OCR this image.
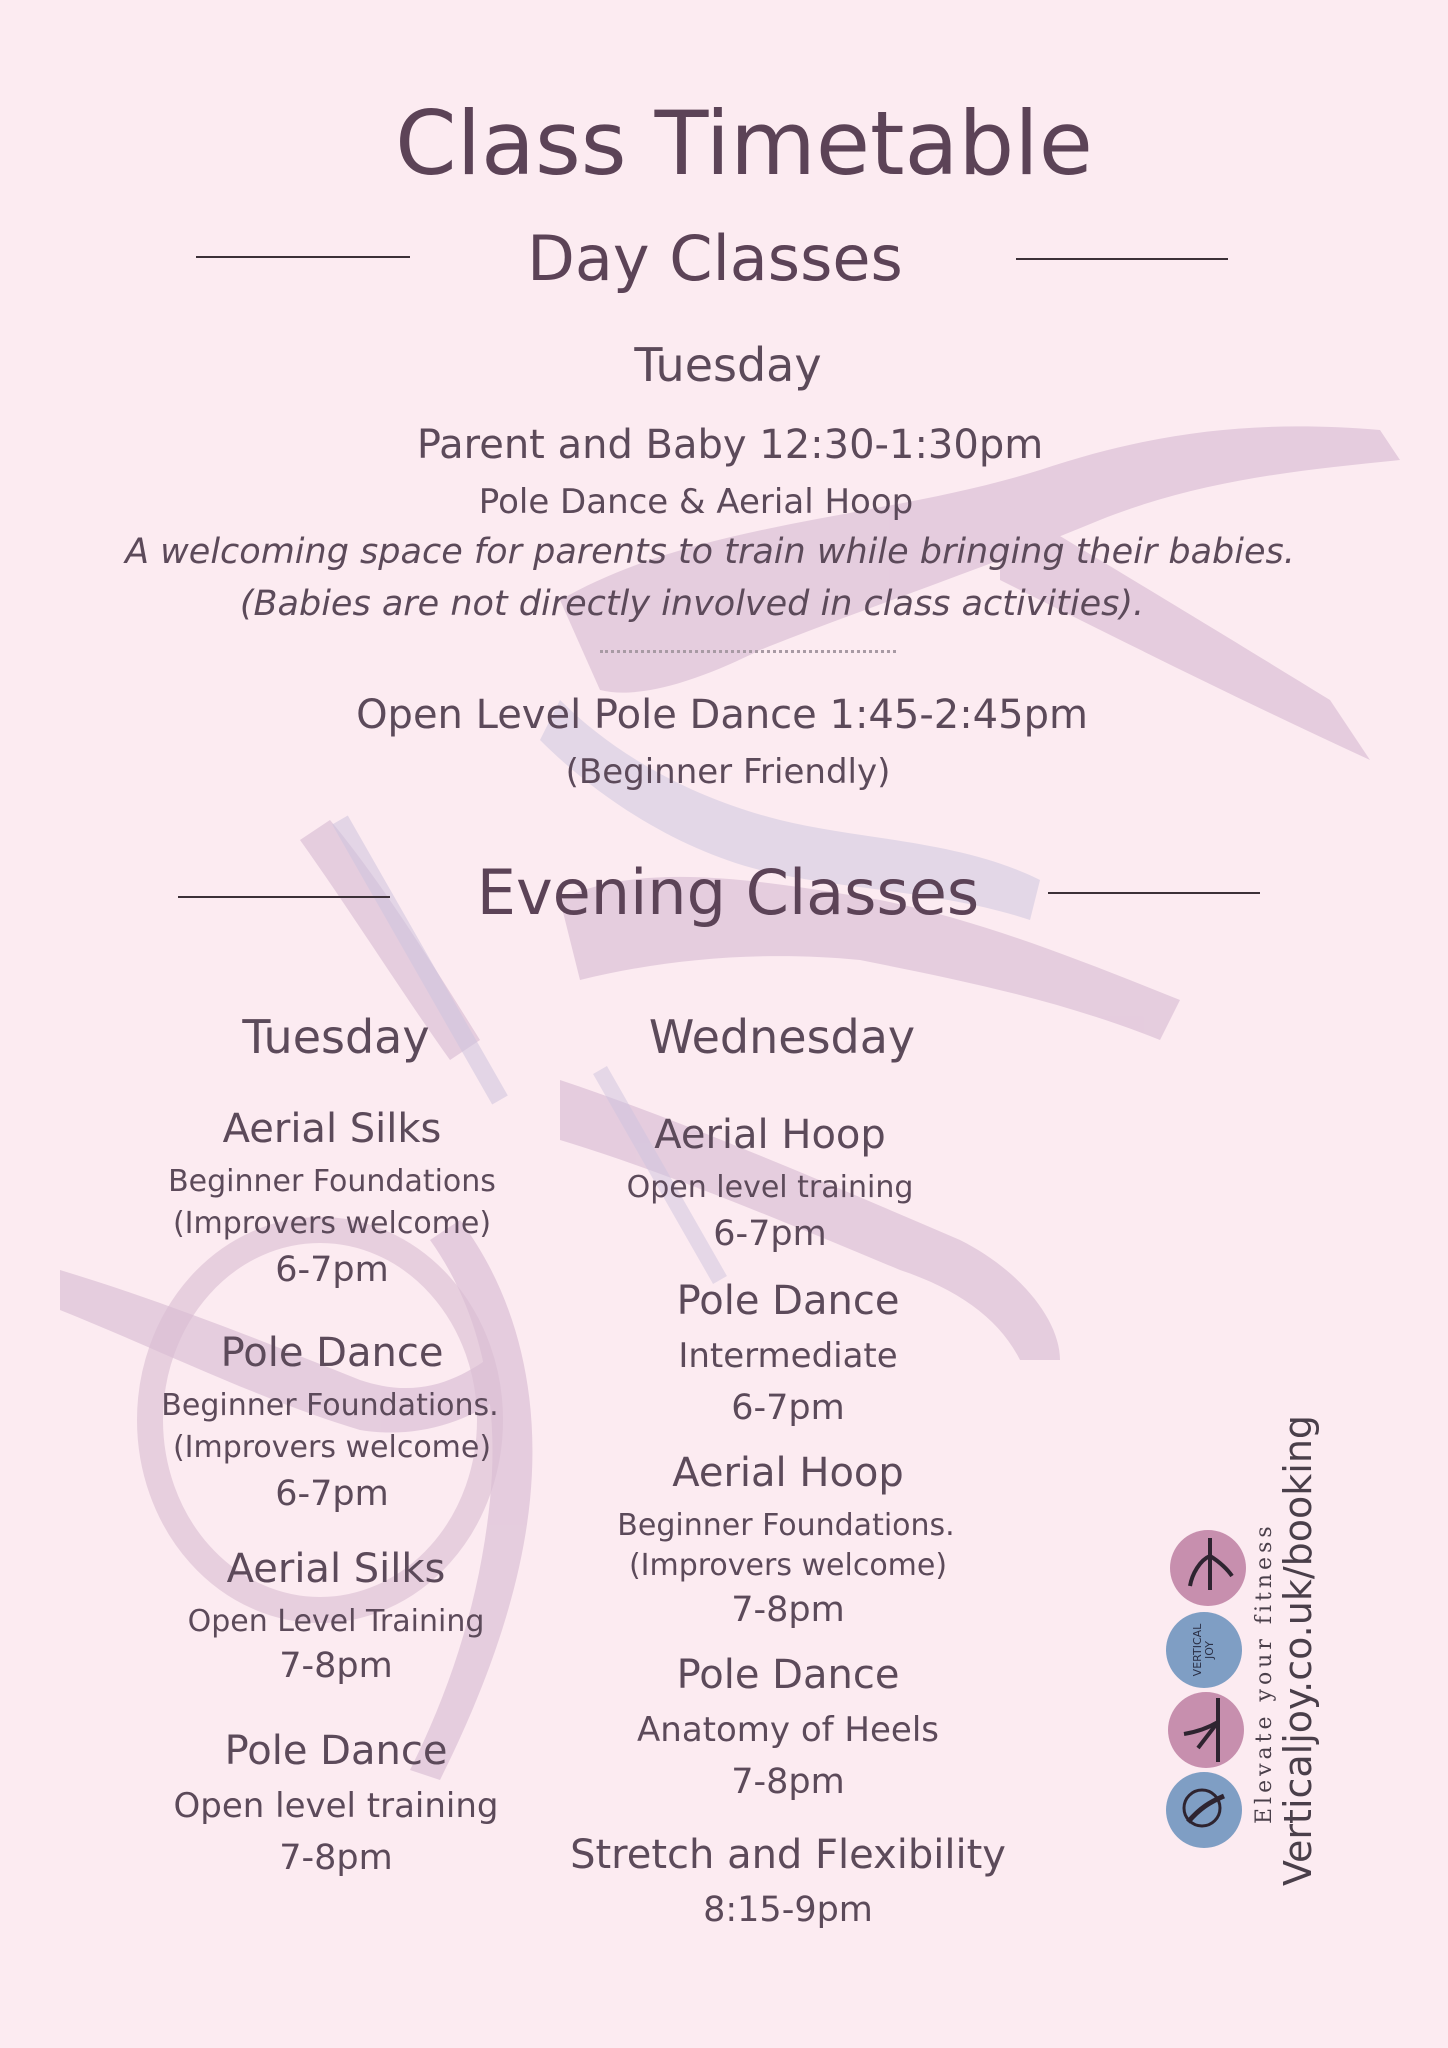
Class Timetable
Day Classes
Tuesday
Parent and Baby 12:30-1:30pm
Pole Dance & Aerial Hoop
A welcoming space for parents to train while bringing their babies.
(Babies are not directly involved in class activities).
Open Level Pole Dance 1:45-2:45pm
(Beginner Friendly)
Evening Classes
Tuesday
Aerial Silks
Beginner Foundations
(Improvers welcome)
6-7pm
Pole Dance
Beginner Foundations.
(Improvers welcome)
6-7pm
Aerial Silks
Open Level Training
7-8pm
Pole Dance
Open level training
7-8pm
Wednesday
Aerial Hoop
Open level training
6-7pm
Pole Dance
Intermediate
6-7pm
Aerial Hoop
Beginner Foundations.
(Improvers welcome)
7-8pm
Pole Dance
Anatomy of Heels
7-8pm
Stretch and Flexibility
8:15-9pm
VERTICAL JOY Elevate your fitness Verticaljoy.co.uk/booking
